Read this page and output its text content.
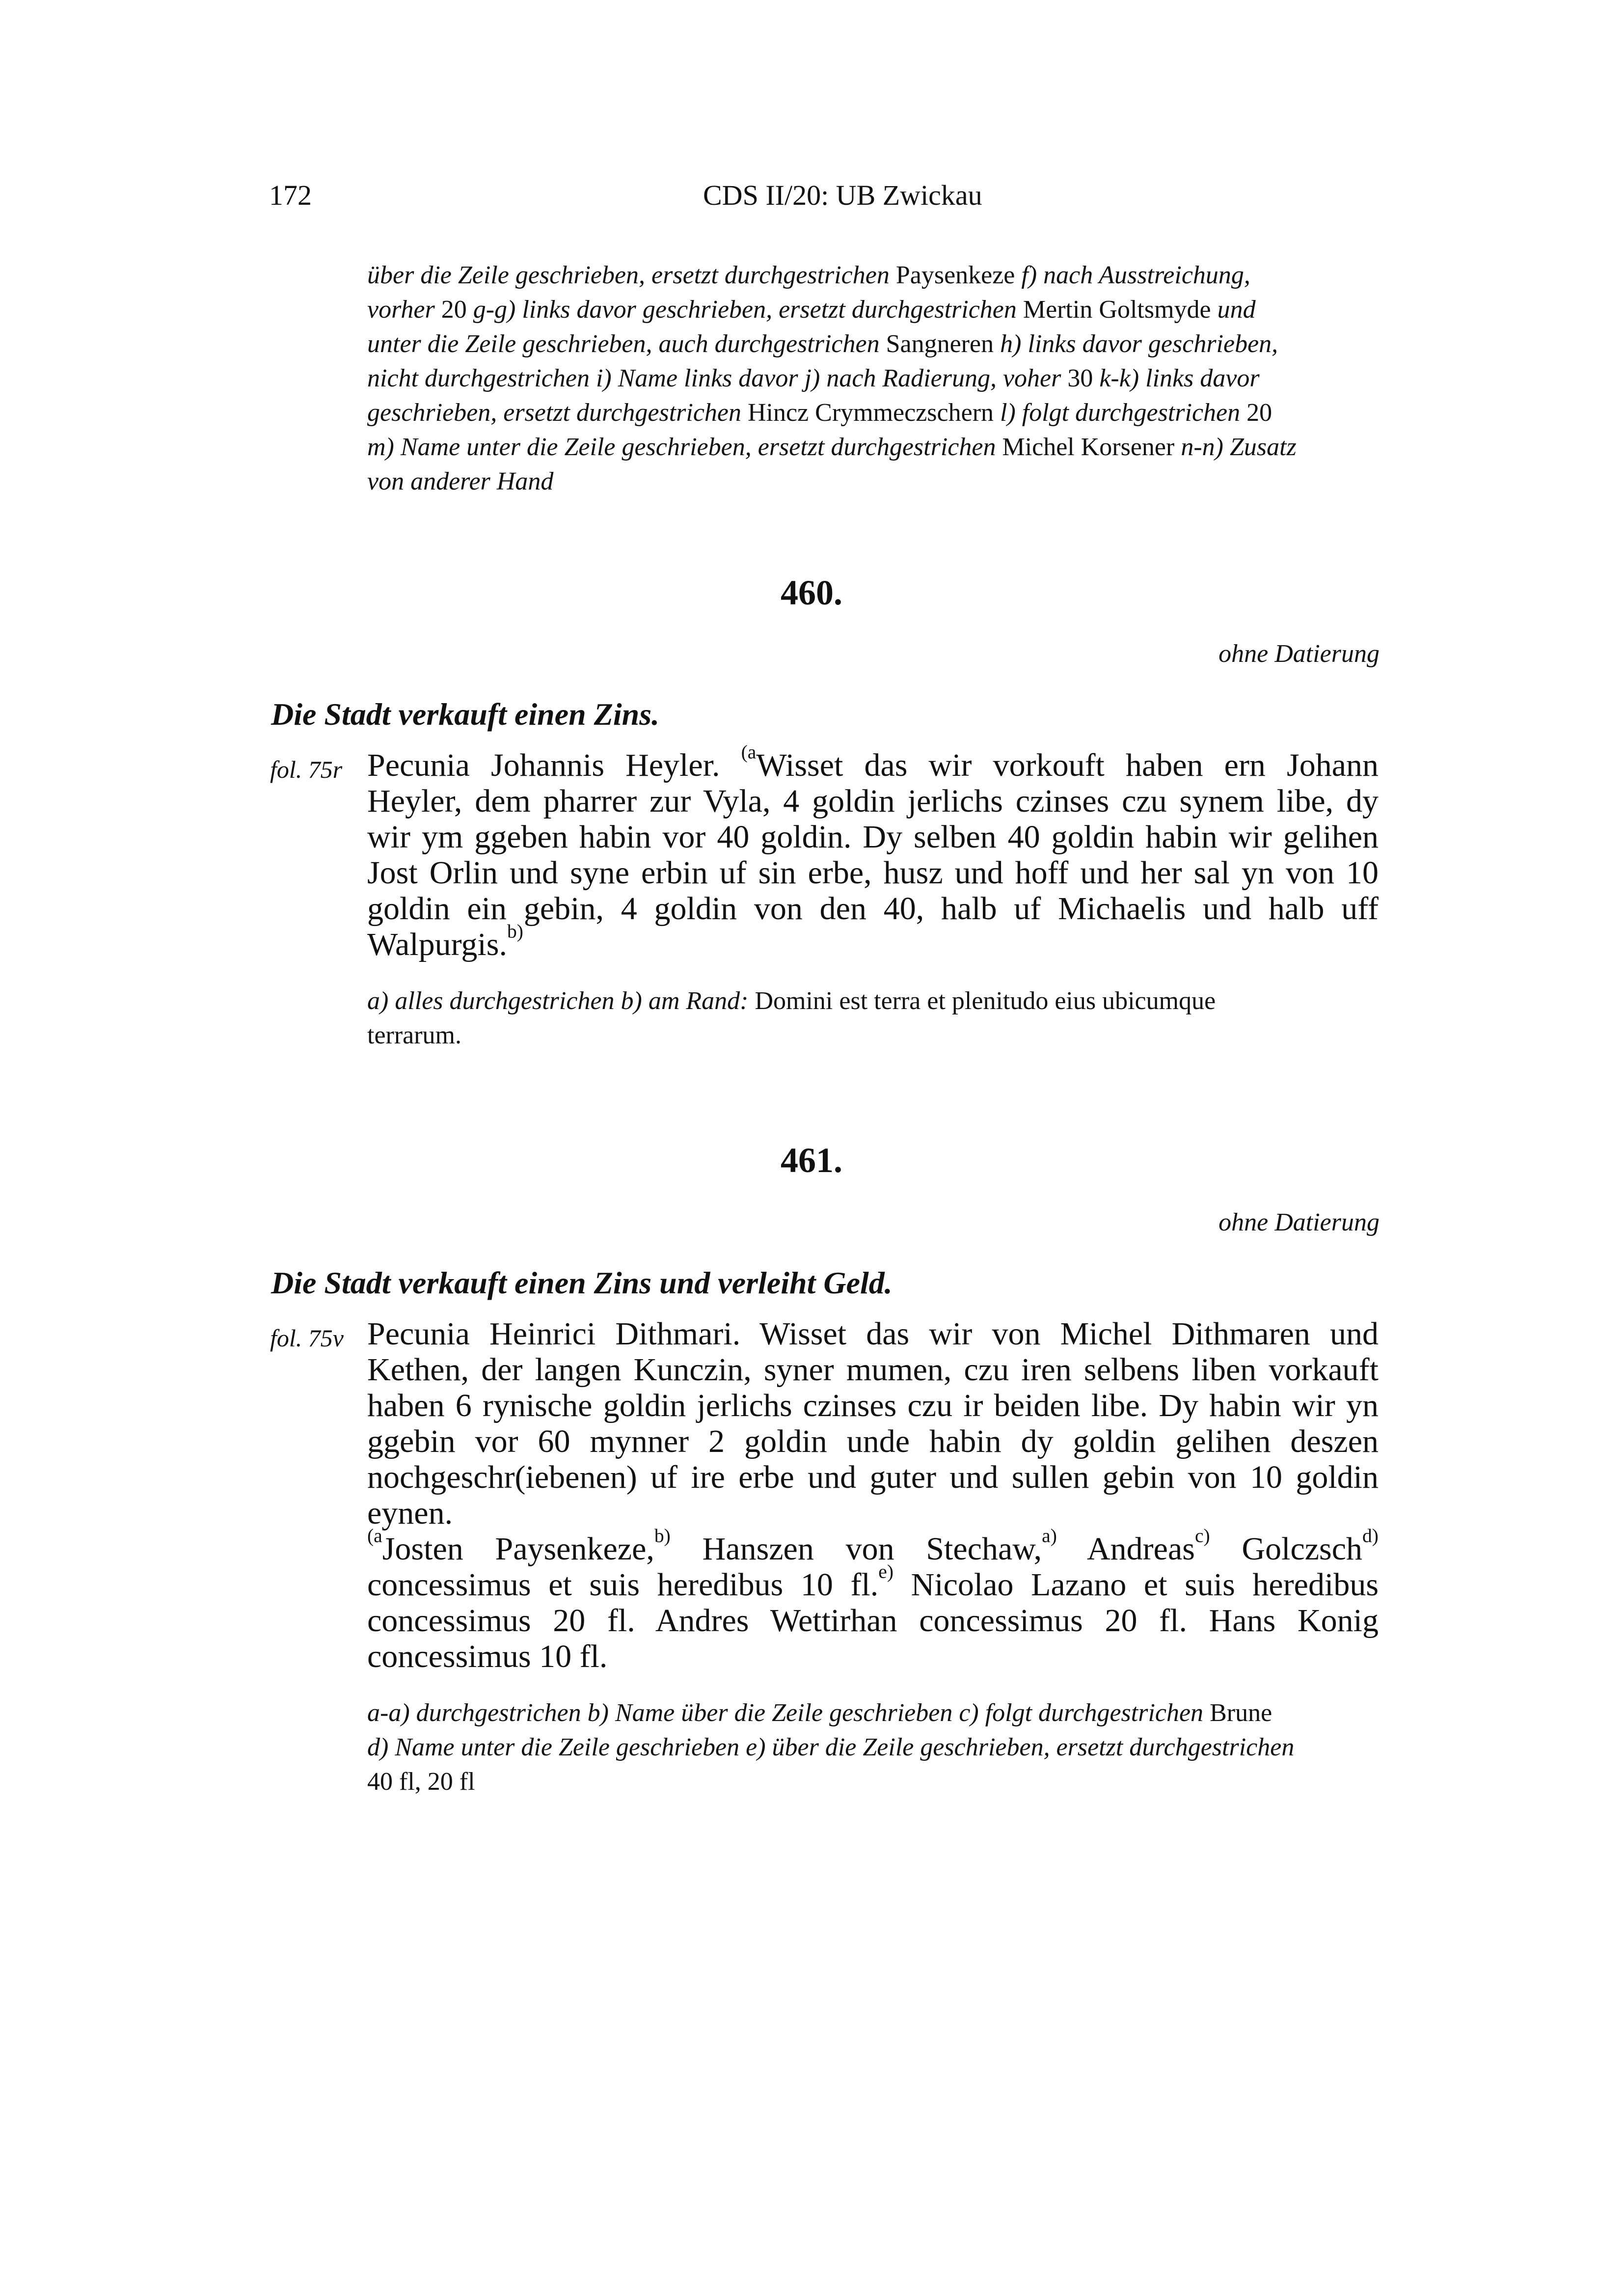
172	CDS II/20: UB Zwickau
über die Zeile geschrieben, ersetzt durchgestrichen Paysenkeze f) nach Ausstreichung,
vorher 20 g-g) links davor geschrieben, ersetzt durchgestrichen Mertin Goltsmyde und
unter die Zeile geschrieben, auch durchgestrichen Sangneren h) links davor geschrieben,
nicht durchgestrichen i) Name links davor j) nach Radierung, voher 30 k-k) links davor
geschrieben, ersetzt durchgestrichen Hincz Crymmeczschern l) folgt durchgestrichen 20
m) Name unter die Zeile geschrieben, ersetzt durchgestrichen Michel Korsener n-n) Zusatz
von anderer Hand
460.
ohne Datierung
Die Stadt verkauft einen Zins.
fol. 75r Pecunia Johannis Heyler. $^{(a}$Wisset das wir vorkouft haben ern Johann
Heyler, dem pharrer zur Vyla, 4 goldin jerlichs czinses czu synem libe, dy
wir ym ggeben habin vor 40 goldin. Dy selben 40 goldin habin wir gelihen
Jost Orlin und syne erbin uf sin erbe, husz und hoff und her sal yn von 10
goldin ein gebin, 4 goldin von den 40, halb uf Michaelis und halb uff
Walpurgis.$^{b)}$
a) alles durchgestrichen b) am Rand: Domini est terra et plenitudo eius ubicumque
terrarum.
461.
ohne Datierung
Die Stadt verkauft einen Zins und verleiht Geld.
fol. 75v Pecunia Heinrici Dithmari. Wisset das wir von Michel Dithmaren und
Kethen, der langen Kunczin, syner mumen, czu iren selbens liben vorkauft
haben 6 rynische goldin jerlichs czinses czu ir beiden libe. Dy habin wir yn
ggebin vor 60 mynner 2 goldin unde habin dy goldin gelihen deszen
nochgeschr(iebenen) uf ire erbe und guter und sullen gebin von 10 goldin
eynen.
$^{(a}$Josten Paysenkeze,$^{b)}$ Hanszen von Stechaw,$^{a)}$ Andreas$^{c)}$ Golczsch$^{d)}$
concessimus et suis heredibus 10 fl.$^{e)}$ Nicolao Lazano et suis heredibus
concessimus 20 fl. Andres Wettirhan concessimus 20 fl. Hans Konig
concessimus 10 fl.
a-a) durchgestrichen b) Name über die Zeile geschrieben c) folgt durchgestrichen Brune
d) Name unter die Zeile geschrieben e) über die Zeile geschrieben, ersetzt durchgestrichen
40 fl, 20 fl
